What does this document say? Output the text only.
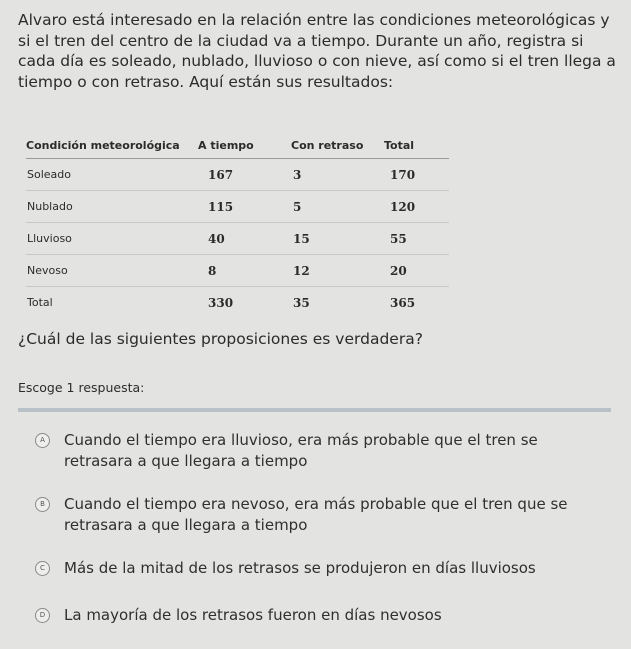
Alvaro está interesado en la relación entre las condiciones meteorológicas y si el tren del centro de la ciudad va a tiempo. Durante un año, registra si cada día es soleado, nublado, lluvioso o con nieve, así como si el tren llega a tiempo o con retraso. Aquí están sus resultados:

Condición meteorológica	A tiempo	Con retraso	Total
Soleado	167	3	170
Nublado	115	5	120
Lluvioso	40	15	55
Nevoso	8	12	20
Total	330	35	365

¿Cuál de las siguientes proposiciones es verdadera?

Escoge 1 respuesta:

A	Cuando el tiempo era lluvioso, era más probable que el tren se retrasara a que llegara a tiempo
B	Cuando el tiempo era nevoso, era más probable que el tren que se retrasara a que llegara a tiempo
C	Más de la mitad de los retrasos se produjeron en días lluviosos
D	La mayoría de los retrasos fueron en días nevosos
